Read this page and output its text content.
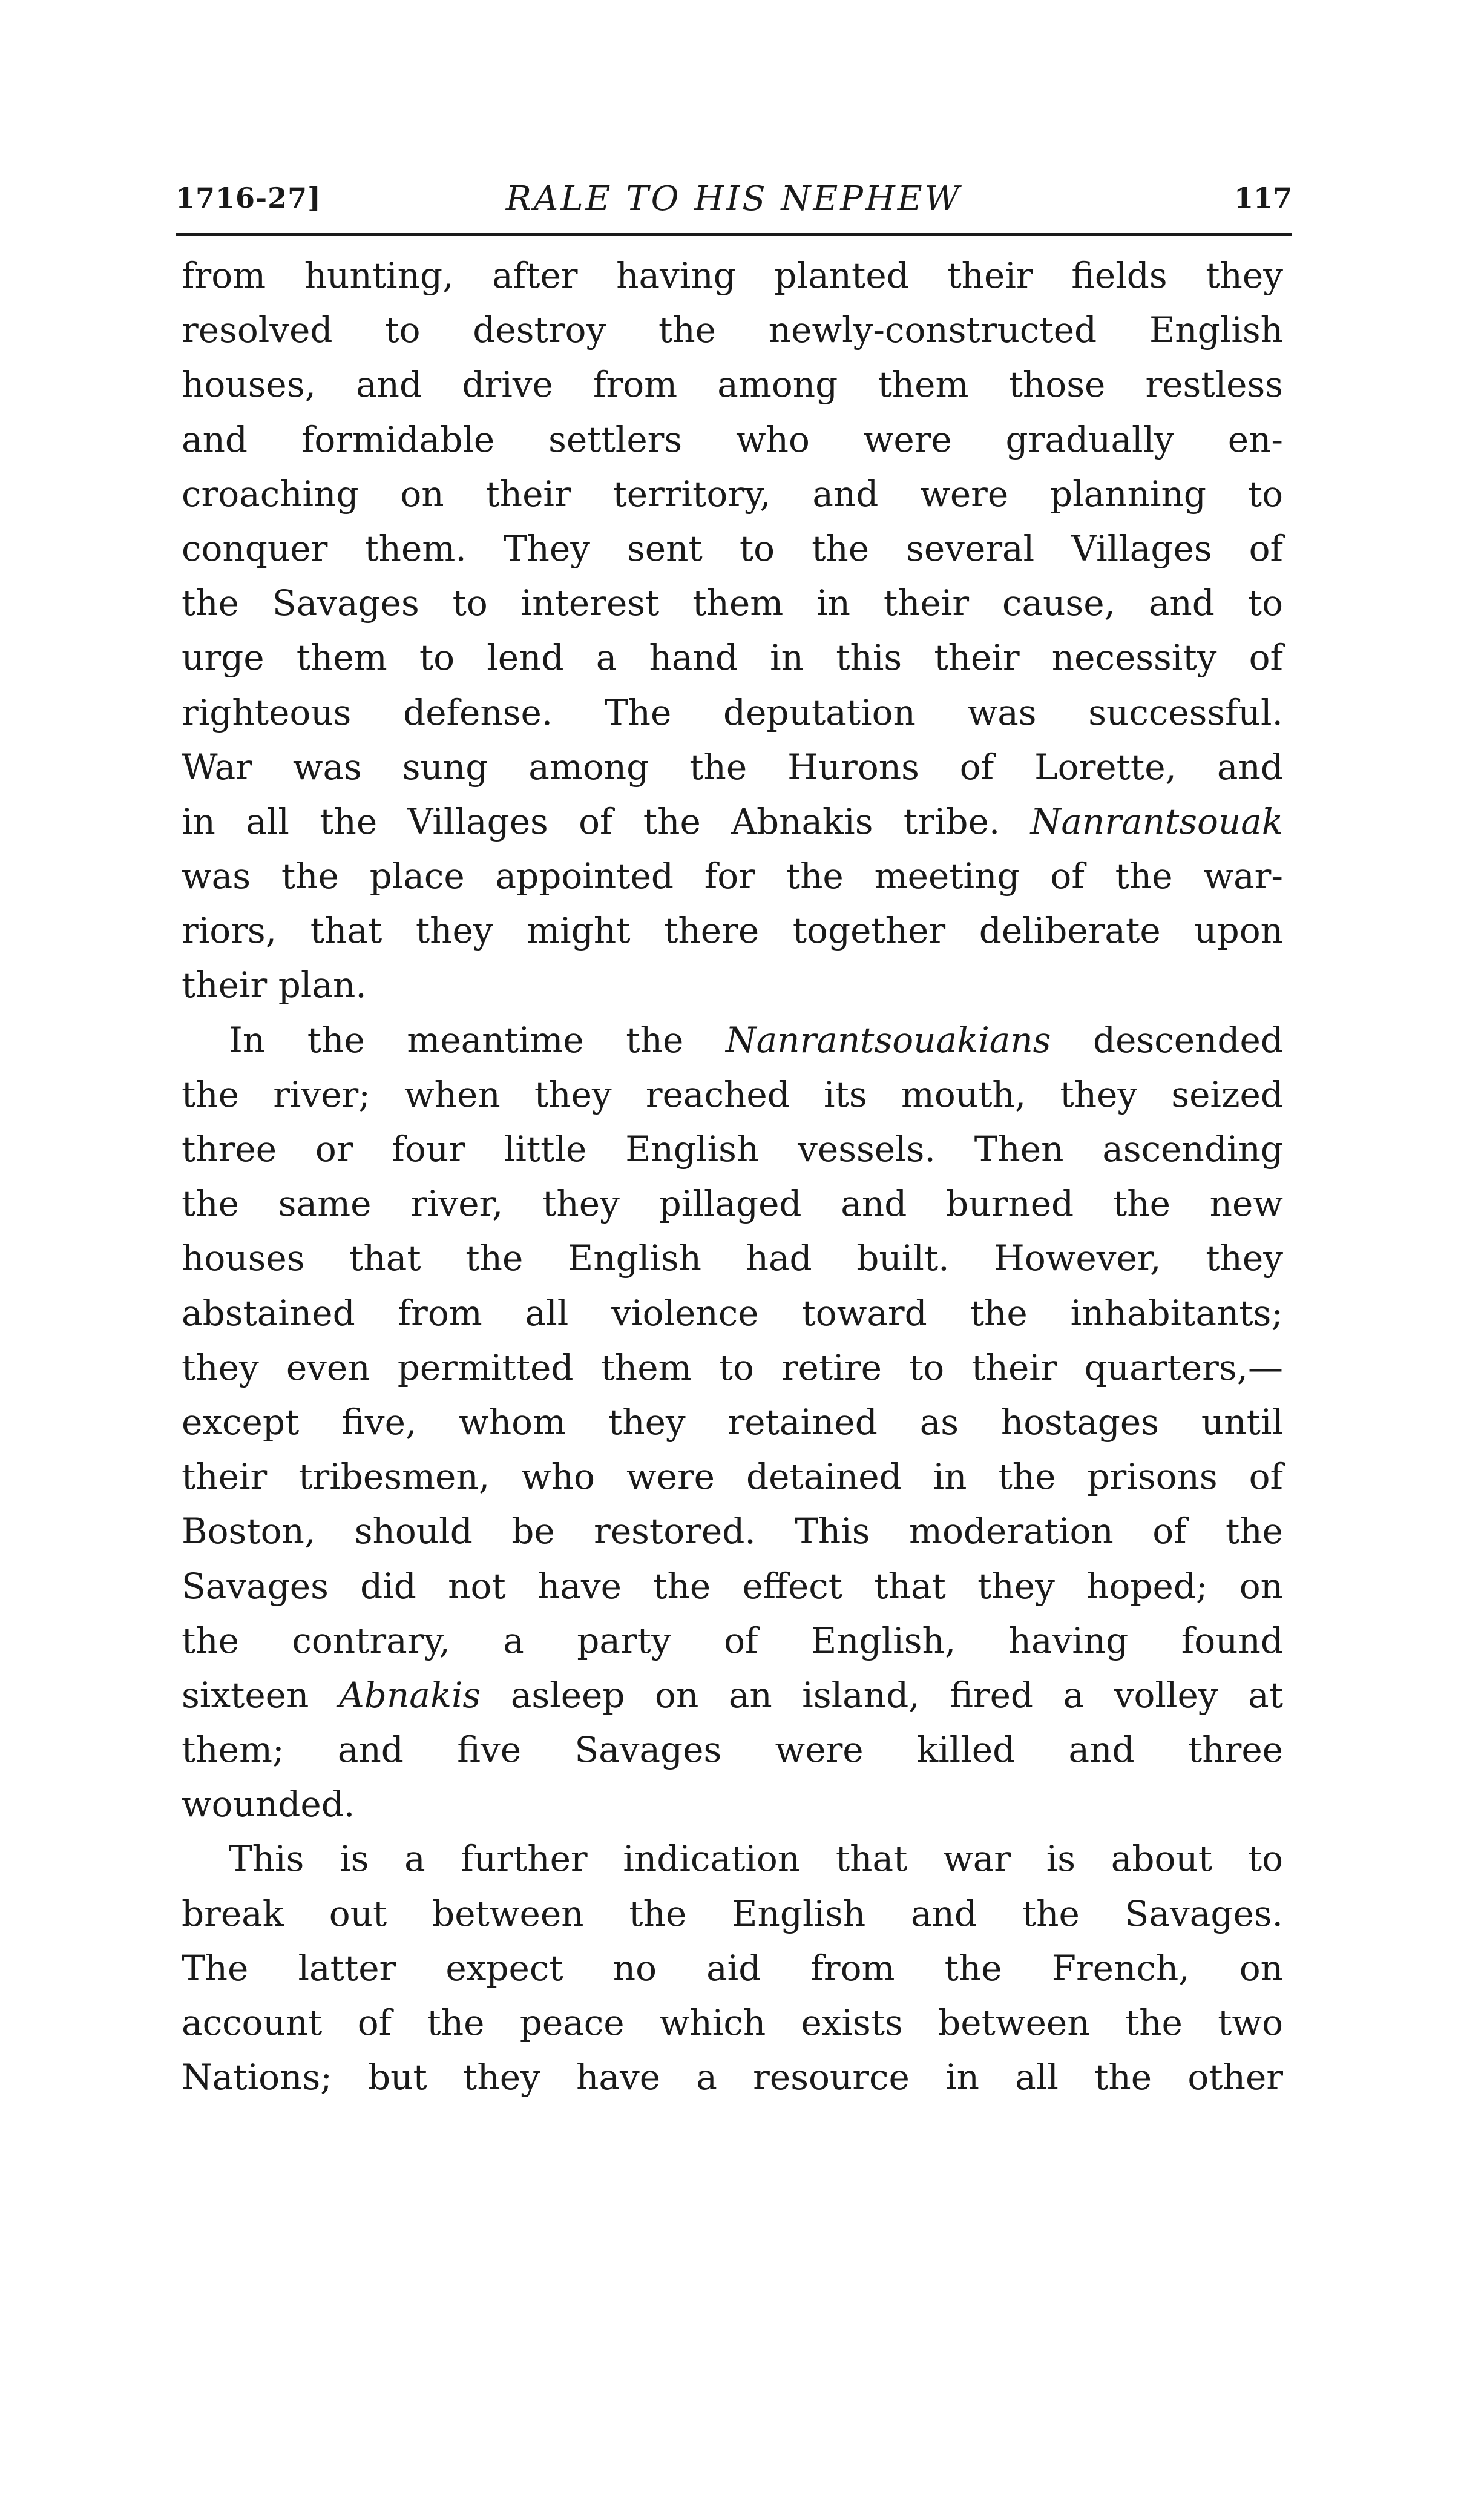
1716-27]	RALE TO HIS NEPHEW	117
from hunting, after having planted their fields they
resolved to destroy the newly-constructed English
houses, and drive from among them those restless
and formidable settlers who were gradually en-
croaching on their territory, and were planning to
conquer them. They sent to the several Villages of
the Savages to interest them in their cause, and to
urge them to lend a hand in this their necessity of
righteous defense. The deputation was successful.
War was sung among the Hurons of Lorette, and
in all the Villages of the Abnakis tribe. Nanrantsouak
was the place appointed for the meeting of the war-
riors, that they might there together deliberate upon
their plan.
In the meantime the Nanrantsouakians descended
the river; when they reached its mouth, they seized
three or four little English vessels. Then ascending
the same river, they pillaged and burned the new
houses that the English had built. However, they
abstained from all violence toward the inhabitants;
they even permitted them to retire to their quarters,—
except five, whom they retained as hostages until
their tribesmen, who were detained in the prisons of
Boston, should be restored. This moderation of the
Savages did not have the effect that they hoped; on
the contrary, a party of English, having found
sixteen Abnakis asleep on an island, fired a volley at
them; and five Savages were killed and three
wounded.
This is a further indication that war is about to
break out between the English and the Savages.
The latter expect no aid from the French, on
account of the peace which exists between the two
Nations; but they have a resource in all the other
